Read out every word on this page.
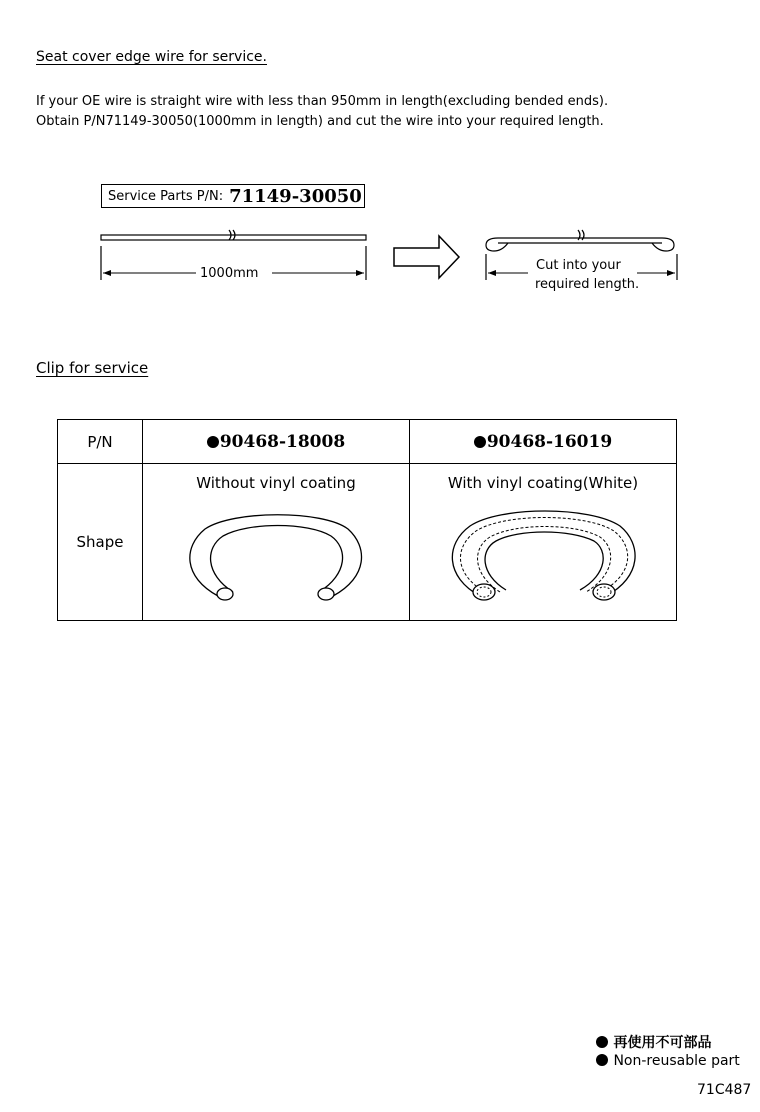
Seat cover edge wire for service.
If your OE wire is straight wire with less than 950mm in length(excluding bended ends).
Obtain P/N71149-30050(1000mm in length) and cut the wire into your required length.
Service Parts P/N: 71149-30050
1000mm
Cut into your
required length.
Clip for service
P/N	90468-18008	90468-16019
Shape	Without vinyl coating	With vinyl coating(White)
再使用不可部品
Non-reusable part
71C487
